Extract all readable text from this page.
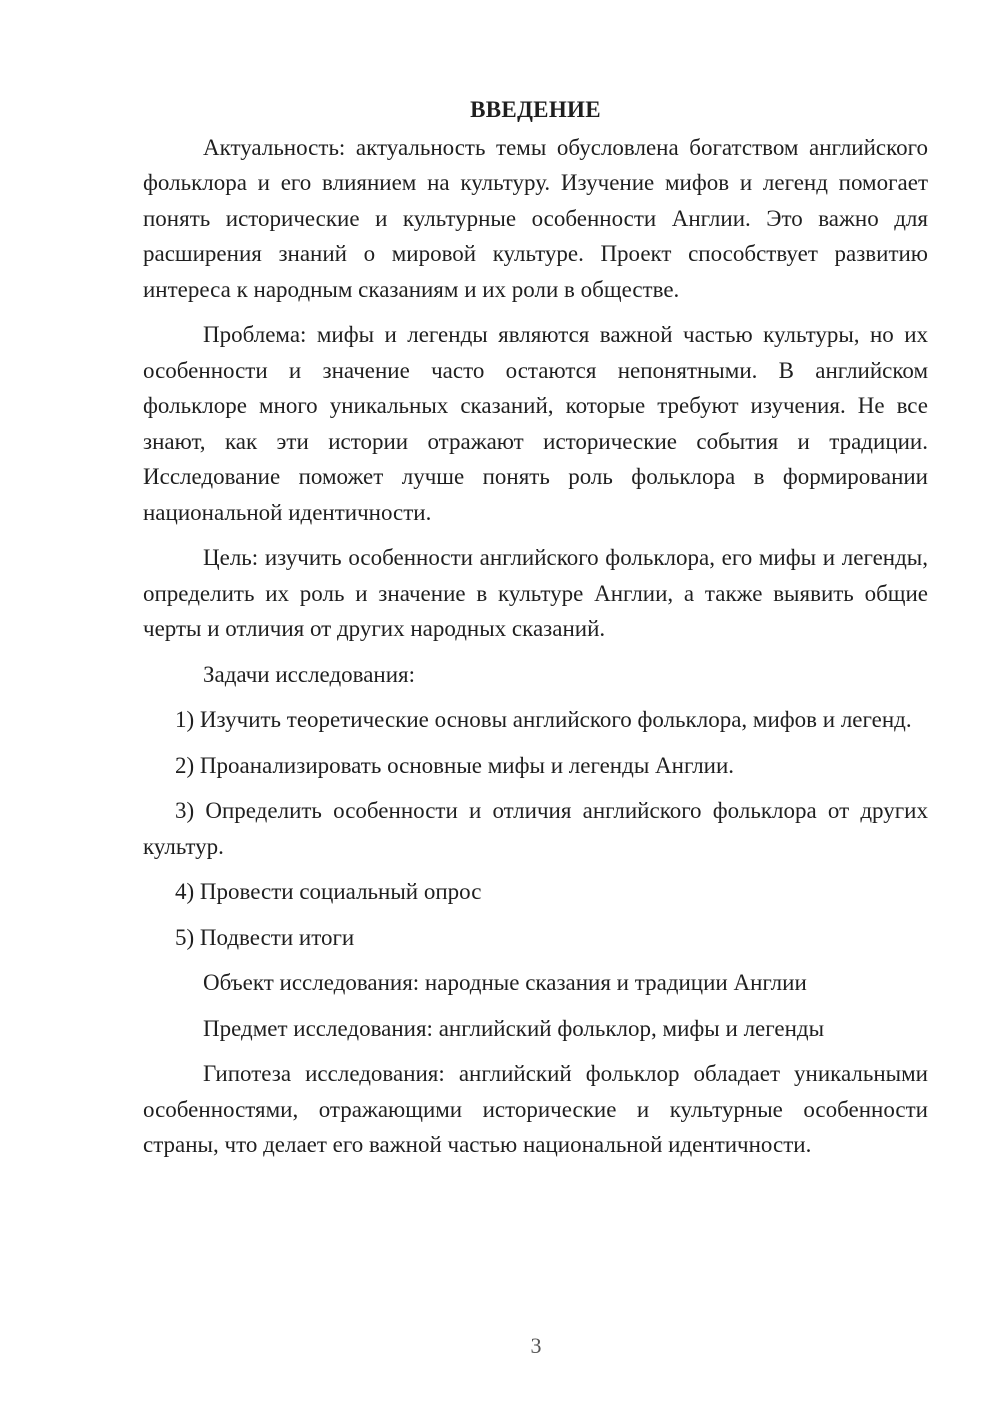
ВВЕДЕНИЕ

Актуальность: актуальность темы обусловлена богатством английского фольклора и его влиянием на культуру. Изучение мифов и легенд помогает понять исторические и культурные особенности Англии. Это важно для расширения знаний о мировой культуре. Проект способствует развитию интереса к народным сказаниям и их роли в обществе.

Проблема: мифы и легенды являются важной частью культуры, но их особенности и значение часто остаются непонятными. В английском фольклоре много уникальных сказаний, которые требуют изучения. Не все знают, как эти истории отражают исторические события и традиции. Исследование поможет лучше понять роль фольклора в формировании национальной идентичности.

Цель: изучить особенности английского фольклора, его мифы и легенды, определить их роль и значение в культуре Англии, а также выявить общие черты и отличия от других народных сказаний.

Задачи исследования:

1) Изучить теоретические основы английского фольклора, мифов и легенд.

2) Проанализировать основные мифы и легенды Англии.

3) Определить особенности и отличия английского фольклора от других культур.

4) Провести социальный опрос

5) Подвести итоги

Объект исследования: народные сказания и традиции Англии

Предмет исследования: английский фольклор, мифы и легенды

Гипотеза исследования: английский фольклор обладает уникальными особенностями, отражающими исторические и культурные особенности страны, что делает его важной частью национальной идентичности.

3
